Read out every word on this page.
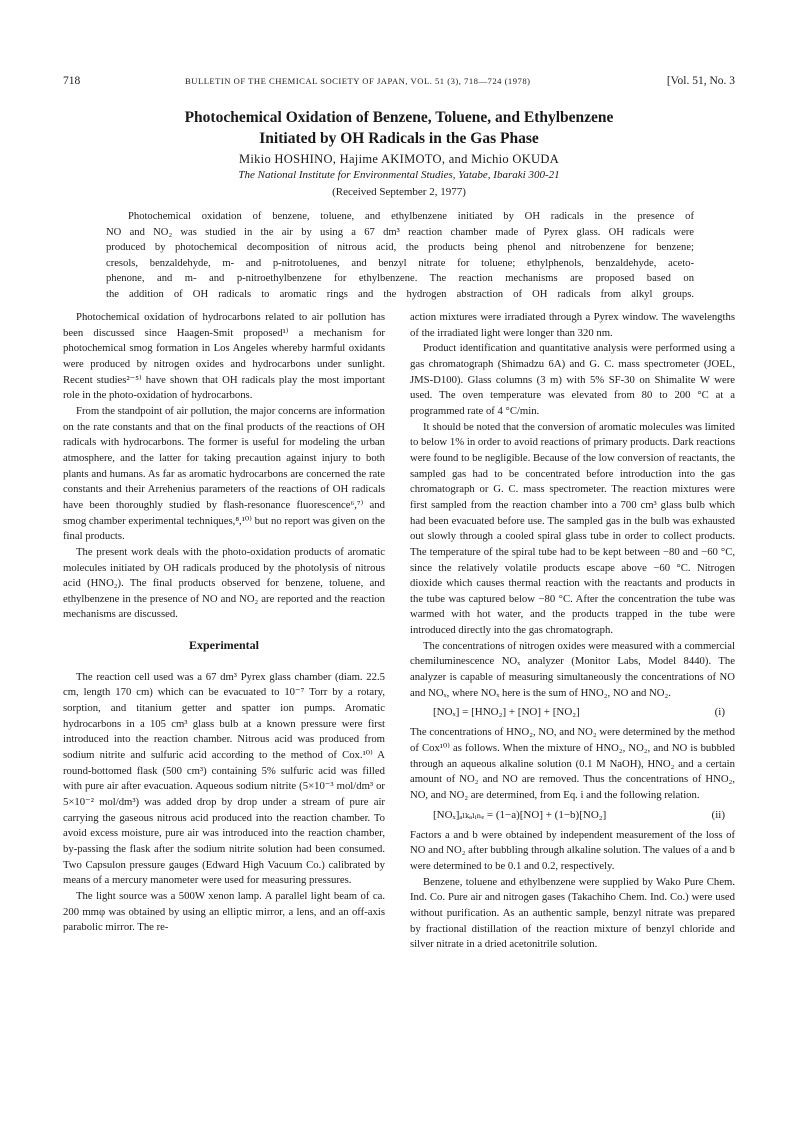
718	BULLETIN OF THE CHEMICAL SOCIETY OF JAPAN, VOL. 51 (3), 718—724 (1978)	[Vol. 51, No. 3
Photochemical Oxidation of Benzene, Toluene, and Ethylbenzene
Initiated by OH Radicals in the Gas Phase
Mikio HOSHINO, Hajime AKIMOTO, and Michio OKUDA
The National Institute for Environmental Studies, Yatabe, Ibaraki 300-21
(Received September 2, 1977)

Photochemical oxidation of benzene, toluene, and ethylbenzene initiated by OH radicals in the presence of

NO and NO₂ was studied in the air by using a 67 dm³ reaction chamber made of Pyrex glass. OH radicals were

produced by photochemical decomposition of nitrous acid, the products being phenol and nitrobenzene for benzene;

cresols, benzaldehyde, m- and p-nitrotoluenes, and benzyl nitrate for toluene; ethylphenols, benzaldehyde, aceto-

phenone, and m- and p-nitroethylbenzene for ethylbenzene. The reaction mechanisms are proposed based on

the addition of OH radicals to aromatic rings and the hydrogen abstraction of OH radicals from alkyl groups.

Photochemical oxidation of hydrocarbons related to air pollution has been discussed since Haagen-Smit proposed¹⁾ a mechanism for photochemical smog formation in Los Angeles whereby harmful oxidants were produced by nitrogen oxides and hydrocarbons under sunlight. Recent studies²⁻⁵⁾ have shown that OH radicals play the most important role in the photo-oxidation of hydrocarbons.

From the standpoint of air pollution, the major concerns are information on the rate constants and that on the final products of the reactions of OH radicals with hydrocarbons. The former is useful for modeling the urban atmosphere, and the latter for taking precaution against injury to both plants and humans. As far as aromatic hydrocarbons are concerned the rate constants and their Arrehenius parameters of the reactions of OH radicals have been thoroughly studied by flash-resonance fluorescence⁶,⁷⁾ and smog chamber experimental techniques,⁸,¹⁰⁾ but no report was given on the final products.

The present work deals with the photo-oxidation products of aromatic molecules initiated by OH radicals produced by the photolysis of nitrous acid (HNO₂). The final products observed for benzene, toluene, and ethylbenzene in the presence of NO and NO₂ are reported and the reaction mechanisms are discussed.

Experimental

The reaction cell used was a 67 dm³ Pyrex glass chamber (diam. 22.5 cm, length 170 cm) which can be evacuated to 10⁻⁷ Torr by a rotary, sorption, and titanium getter and spatter ion pumps. Aromatic hydrocarbons in a 105 cm³ glass bulb at a known pressure were first introduced into the reaction chamber. Nitrous acid was produced from sodium nitrite and sulfuric acid according to the method of Cox.¹⁰⁾ A round-bottomed flask (500 cm³) containing 5% sulfuric acid was filled with pure air after evacuation. Aqueous sodium nitrite (5×10⁻³ mol/dm³ or 5×10⁻² mol/dm³) was added drop by drop under a stream of pure air carrying the gaseous nitrous acid produced into the reaction chamber. To avoid excess moisture, pure air was introduced into the reaction chamber, by-passing the flask after the sodium nitrite solution had been consumed. Two Capsulon pressure gauges (Edward High Vacuum Co.) calibrated by means of a mercury manometer were used for measuring pressures.

The light source was a 500W xenon lamp. A parallel light beam of ca. 200 mmφ was obtained by using an elliptic mirror, a lens, and an off-axis parabolic mirror. The re-

action mixtures were irradiated through a Pyrex window. The wavelengths of the irradiated light were longer than 320 nm.

Product identification and quantitative analysis were performed using a gas chromatograph (Shimadzu 6A) and G. C. mass spectrometer (JOEL, JMS-D100). Glass columns (3 m) with 5% SF-30 on Shimalite W were used. The oven temperature was elevated from 80 to 200 °C at a programmed rate of 4 °C/min.

It should be noted that the conversion of aromatic molecules was limited to below 1% in order to avoid reactions of primary products. Dark reactions were found to be negligible. Because of the low conversion of reactants, the sampled gas had to be concentrated before introduction into the gas chromatograph or G. C. mass spectrometer. The reaction mixtures were first sampled from the reaction chamber into a 700 cm³ glass bulb which had been evacuated before use. The sampled gas in the bulb was exhausted out slowly through a cooled spiral glass tube in order to collect products. The temperature of the spiral tube had to be kept between −80 and −60 °C, since the relatively volatile products escape above −60 °C. Nitrogen dioxide which causes thermal reaction with the reactants and products in the tube was captured below −80 °C. After the concentration the tube was warmed with hot water, and the products trapped in the tube were introduced directly into the gas chromatograph.

The concentrations of nitrogen oxides were measured with a commercial chemiluminescence NOₓ analyzer (Monitor Labs, Model 8440). The analyzer is capable of measuring simultaneously the concentrations of NO and NOₓ, where NOₓ here is the sum of HNO₂, NO and NO₂.

[NOₓ] = [HNO₂] + [NO] + [NO₂]	(i)

The concentrations of HNO₂, NO, and NO₂ were determined by the method of Cox¹⁰⁾ as follows. When the mixture of HNO₂, NO₂, and NO is bubbled through an aqueous alkaline solution (0.1 M NaOH), HNO₂ and a certain amount of NO₂ and NO are removed. Thus the concentrations of HNO₂, NO, and NO₂ are determined, from Eq. i and the following relation.

[NOₓ]ₐₗₖₐₗᵢₙₑ = (1−a)[NO] + (1−b)[NO₂]	(ii)

Factors a and b were obtained by independent measurement of the loss of NO and NO₂ after bubbling through alkaline solution. The values of a and b were determined to be 0.1 and 0.2, respectively.

Benzene, toluene and ethylbenzene were supplied by Wako Pure Chem. Ind. Co. Pure air and nitrogen gases (Takachiho Chem. Ind. Co.) were used without purification. As an authentic sample, benzyl nitrate was prepared by fractional distillation of the reaction mixture of benzyl chloride and silver nitrate in a dried acetonitrile solution.
